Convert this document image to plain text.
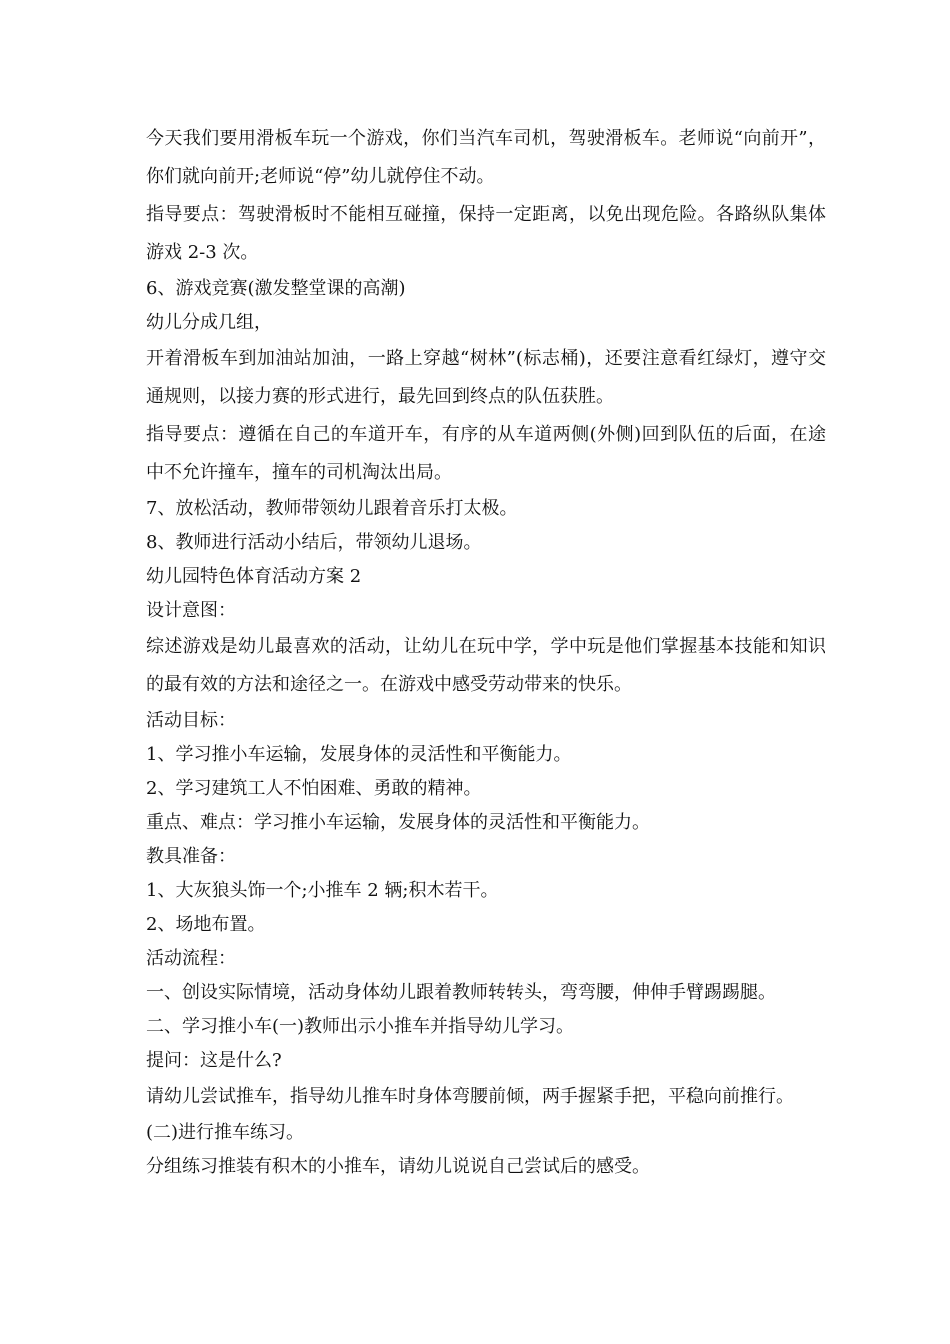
今天我们要用滑板车玩一个游戏，你们当汽车司机，驾驶滑板车。老师说“向前开”，你们就向前开;老师说“停”幼儿就停住不动。

指导要点：驾驶滑板时不能相互碰撞，保持一定距离，以免出现危险。各路纵队集体游戏 2-3 次。

6、游戏竞赛(激发整堂课的高潮)

幼儿分成几组，

开着滑板车到加油站加油，一路上穿越“树林”(标志桶)，还要注意看红绿灯，遵守交通规则，以接力赛的形式进行，最先回到终点的队伍获胜。

指导要点：遵循在自己的车道开车，有序的从车道两侧(外侧)回到队伍的后面，在途中不允许撞车，撞车的司机淘汰出局。

7、放松活动，教师带领幼儿跟着音乐打太极。

8、教师进行活动小结后，带领幼儿退场。

幼儿园特色体育活动方案 2

设计意图：

综述游戏是幼儿最喜欢的活动，让幼儿在玩中学，学中玩是他们掌握基本技能和知识的最有效的方法和途径之一。在游戏中感受劳动带来的快乐。

活动目标：

1、学习推小车运输，发展身体的灵活性和平衡能力。

2、学习建筑工人不怕困难、勇敢的精神。

重点、难点：学习推小车运输，发展身体的灵活性和平衡能力。

教具准备：

1、大灰狼头饰一个;小推车 2 辆;积木若干。

2、场地布置。

活动流程：

一、创设实际情境，活动身体幼儿跟着教师转转头，弯弯腰，伸伸手臂踢踢腿。

二、学习推小车(一)教师出示小推车并指导幼儿学习。

提问：这是什么?

请幼儿尝试推车，指导幼儿推车时身体弯腰前倾，两手握紧手把，平稳向前推行。

(二)进行推车练习。

分组练习推装有积木的小推车，请幼儿说说自己尝试后的感受。
